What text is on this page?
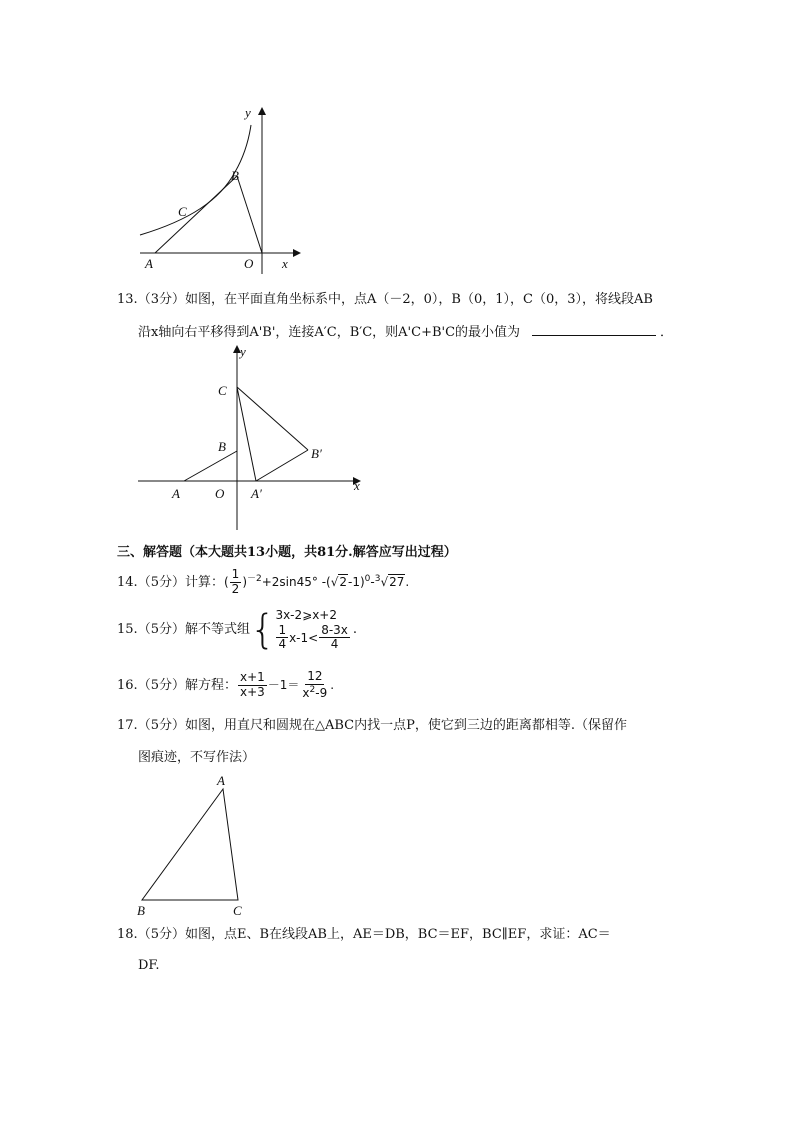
y
x
O
A
B
C
13.（3分）如图，在平面直角坐标系中，点A（－2，0），B（0，1），C（0，3），将线段AB
沿x轴向右平移得到A'B'，连接A′C，B′C，则A'C+B'C的最小值为	．
y
x
O
A
B
C
A′
B′
三、解答题（本大题共13小题，共81分.解答应写出过程）
14.（5分）计算：( $\frac{1}{2} )^{-2}+2\sin 45^\circ$ $-(√2-1)^0-^3√27$.
15. （5分） 解不等式组 { 3x-2⩾x+2
$\frac{1}{4} x-1< \frac{8-3x}{4}$ .
16. （5分） 解方程： $\frac{x+1}{x+3} -1= \frac{12}{x^2-9}$ .
17.（5分）如图，用直尺和圆规在△ABC内找一点P，使它到三边的距离都相等.（保留作
图痕迹，不写作法）
A
B	C
18.（5分）如图，点E、B在线段AB上，AE＝DB，BC＝EF，BC∥EF，求证：AC＝
DF.
